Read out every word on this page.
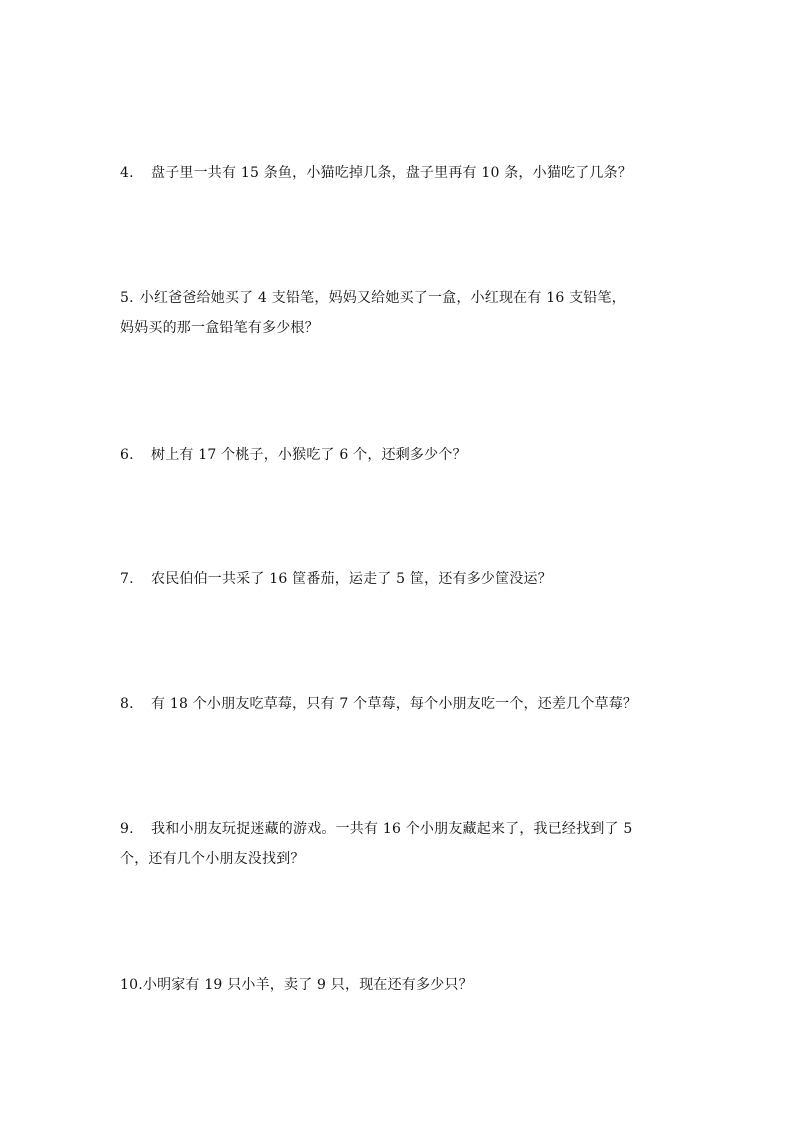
4. 盘子里一共有 15 条鱼，小猫吃掉几条，盘子里再有 10 条，小猫吃了几条？
5. 小红爸爸给她买了 4 支铅笔，妈妈又给她买了一盒，小红现在有 16 支铅笔，
妈妈买的那一盒铅笔有多少根？
6. 树上有 17 个桃子，小猴吃了 6 个，还剩多少个？
7. 农民伯伯一共采了 16 筐番茄，运走了 5 筐，还有多少筐没运？
8. 有 18 个小朋友吃草莓，只有 7 个草莓，每个小朋友吃一个，还差几个草莓？
9. 我和小朋友玩捉迷藏的游戏。一共有 16 个小朋友藏起来了，我已经找到了 5
个，还有几个小朋友没找到？
10.小明家有 19 只小羊，卖了 9 只，现在还有多少只？
